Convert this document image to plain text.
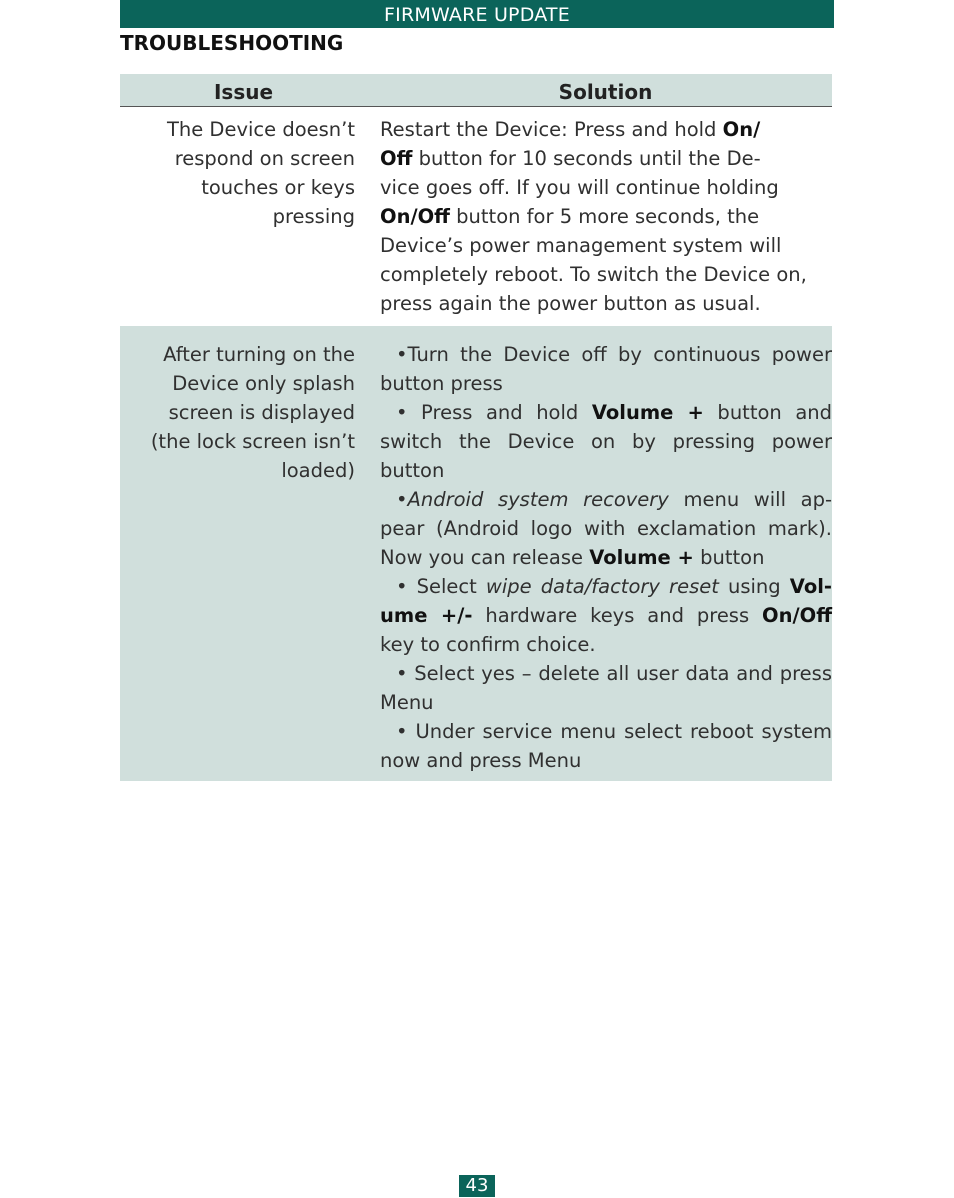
FIRMWARE UPDATE
TROUBLESHOOTING
Issue	Solution
The Device doesn’t
respond on screen
touches or keys
pressing
Restart the Device: Press and hold On/
Off button for 10 seconds until the De-
vice goes off. If you will continue holding
On/Off button for 5 more seconds, the
Device’s power management system will
completely reboot. To switch the Device on,
press again the power button as usual.
After turning on the
Device only splash
screen is displayed
(the lock screen isn’t
loaded)
•Turn the Device off by continuous power button press
• Press and hold Volume + button and switch the Device on by pressing power button
•Android system recovery menu will ap-pear (Android logo with exclamation mark). Now you can release Volume + button
• Select wipe data/factory reset using Vol-ume +/- hardware keys and press On/Off key to confirm choice.
• Select yes – delete all user data and press Menu
• Under service menu select reboot system now and press Menu
43
